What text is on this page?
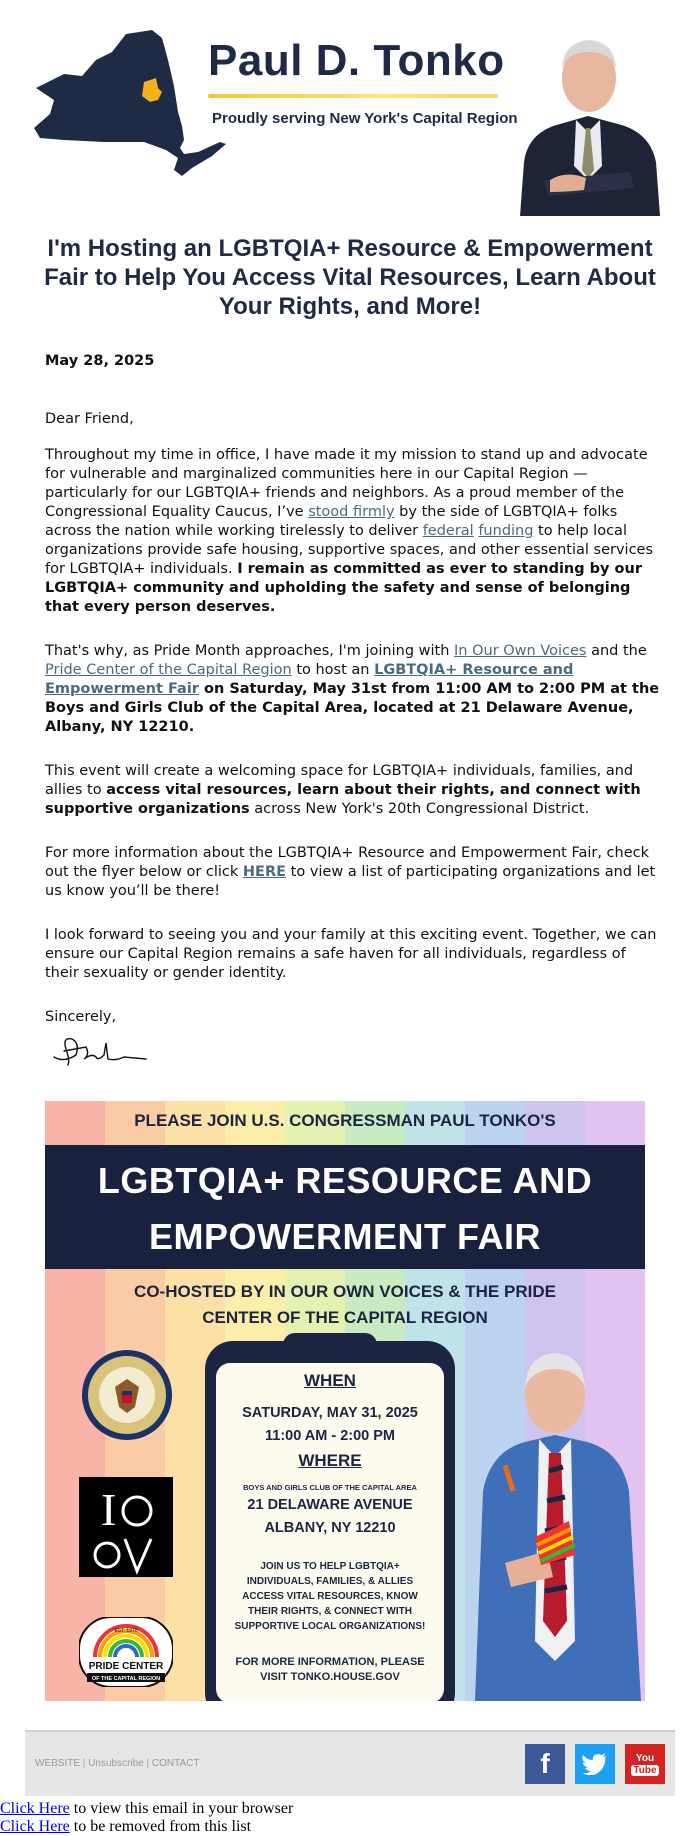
Paul D. Tonko
Proudly serving New York's Capital Region
I'm Hosting an LGBTQIA+ Resource & Empowerment Fair to Help You Access Vital Resources, Learn About Your Rights, and More!

May 28, 2025

Dear Friend,

Throughout my time in office, I have made it my mission to stand up and advocate for vulnerable and marginalized communities here in our Capital Region — particularly for our LGBTQIA+ friends and neighbors. As a proud member of the Congressional Equality Caucus, I’ve stood firmly by the side of LGBTQIA+ folks across the nation while working tirelessly to deliver federal funding to help local organizations provide safe housing, supportive spaces, and other essential services for LGBTQIA+ individuals. I remain as committed as ever to standing by our LGBTQIA+ community and upholding the safety and sense of belonging that every person deserves.

That's why, as Pride Month approaches, I'm joining with In Our Own Voices and the Pride Center of the Capital Region to host an LGBTQIA+ Resource and Empowerment Fair on Saturday, May 31st from 11:00 AM to 2:00 PM at the Boys and Girls Club of the Capital Area, located at 21 Delaware Avenue, Albany, NY 12210.

This event will create a welcoming space for LGBTQIA+ individuals, families, and allies to access vital resources, learn about their rights, and connect with supportive organizations across New York's 20th Congressional District.

For more information about the LGBTQIA+ Resource and Empowerment Fair, check out the flyer below or click HERE to view a list of participating organizations and let us know you’ll be there!

I look forward to seeing you and your family at this exciting event. Together, we can ensure our Capital Region remains a safe haven for all individuals, regardless of their sexuality or gender identity.

Sincerely,

PLEASE JOIN U.S. CONGRESSMAN PAUL TONKO'S
LGBTQIA+ RESOURCE AND
EMPOWERMENT FAIR
CO-HOSTED BY IN OUR OWN VOICES & THE PRIDE
CENTER OF THE CAPITAL REGION
I
EST. 1970
PRIDE CENTER
OF THE CAPITAL REGION
WHEN
SATURDAY, MAY 31, 2025
11:00 AM - 2:00 PM
WHERE
BOYS AND GIRLS CLUB OF THE CAPITAL AREA
21 DELAWARE AVENUE
ALBANY, NY 12210
JOIN US TO HELP LGBTQIA+ INDIVIDUALS, FAMILIES, & ALLIES ACCESS VITAL RESOURCES, KNOW THEIR RIGHTS, & CONNECT WITH SUPPORTIVE LOCAL ORGANIZATIONS!
FOR MORE INFORMATION, PLEASE VISIT TONKO.HOUSE.GOV
WEBSITE | Unsubscribe | CONTACT	f	You
Tube
Click Here to view this email in your browser
Click Here to be removed from this list
